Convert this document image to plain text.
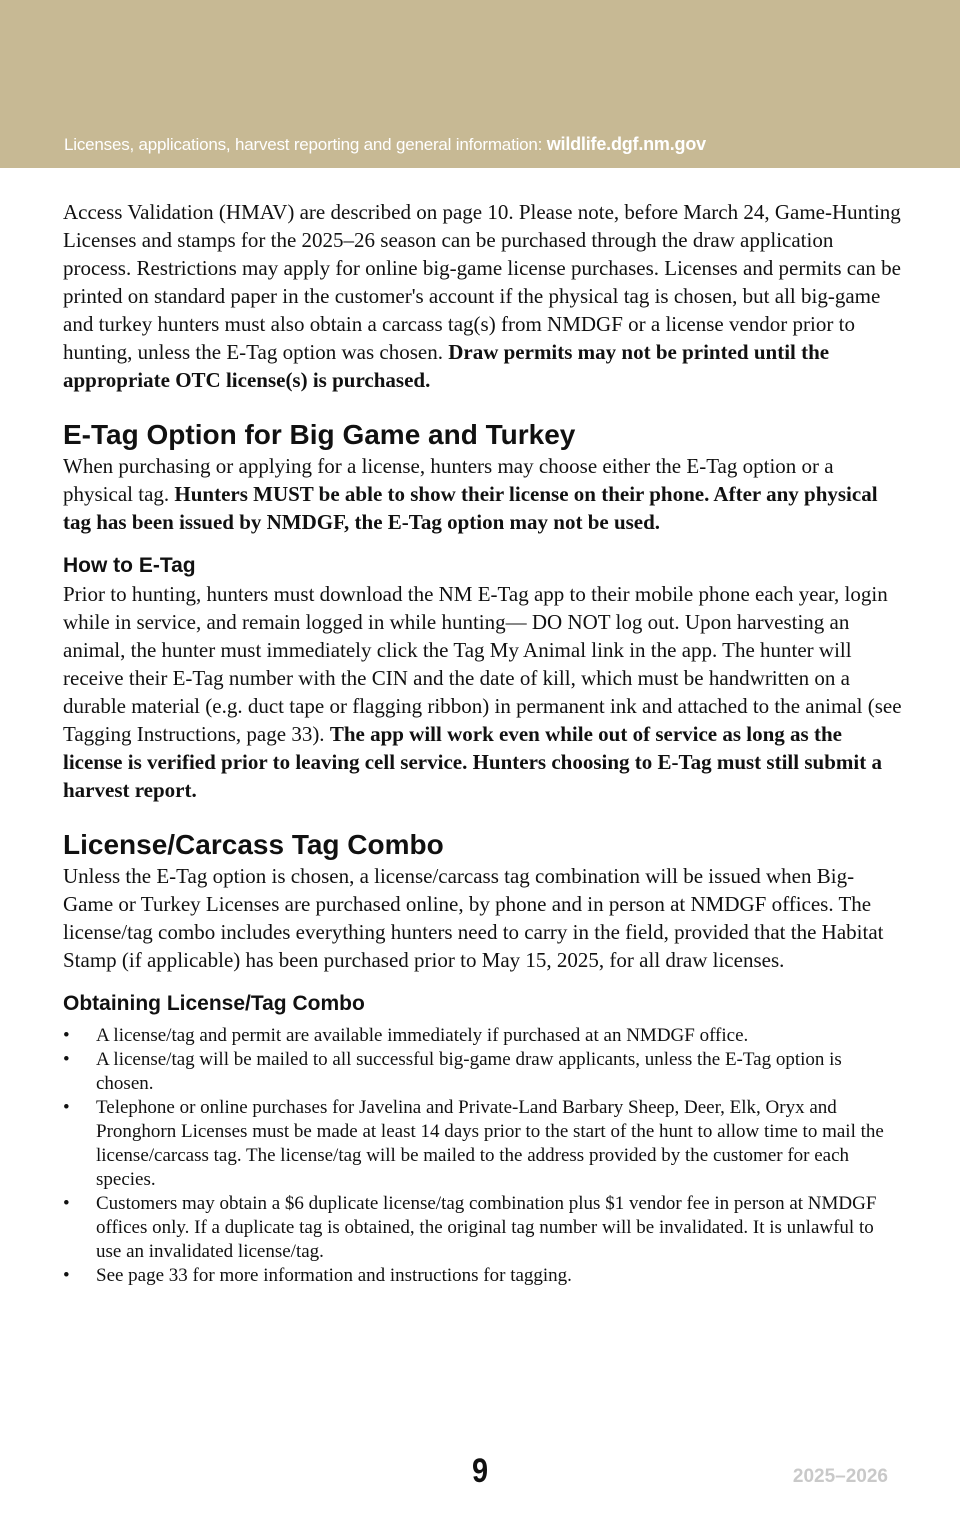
Licenses, applications, harvest reporting and general information: wildlife.dgf.nm.gov

Access Validation (HMAV) are described on page 10. Please note, before March 24, Game-Hunting Licenses and stamps for the 2025–26 season can be purchased through the draw application process. Restrictions may apply for online big-game license purchases. Licenses and permits can be printed on standard paper in the customer's account if the physical tag is chosen, but all big-game and turkey hunters must also obtain a carcass tag(s) from NMDGF or a license vendor prior to hunting, unless the E-Tag option was chosen. Draw permits may not be printed until the appropriate OTC license(s) is purchased.

E-Tag Option for Big Game and Turkey

When purchasing or applying for a license, hunters may choose either the E-Tag option or a physical tag. Hunters MUST be able to show their license on their phone. After any physical tag has been issued by NMDGF, the E-Tag option may not be used.

How to E-Tag

Prior to hunting, hunters must download the NM E-Tag app to their mobile phone each year, login while in service, and remain logged in while hunting— DO NOT log out. Upon harvesting an animal, the hunter must immediately click the Tag My Animal link in the app. The hunter will receive their E-Tag number with the CIN and the date of kill, which must be handwritten on a durable material (e.g. duct tape or flagging ribbon) in permanent ink and attached to the animal (see Tagging Instructions, page 33). The app will work even while out of service as long as the license is verified prior to leaving cell service. Hunters choosing to E-Tag must still submit a harvest report.

License/Carcass Tag Combo

Unless the E-Tag option is chosen, a license/carcass tag combination will be issued when Big-Game or Turkey Licenses are purchased online, by phone and in person at NMDGF offices. The license/tag combo includes everything hunters need to carry in the field, provided that the Habitat Stamp (if applicable) has been purchased prior to May 15, 2025, for all draw licenses.

Obtaining License/Tag Combo
• A license/tag and permit are available immediately if purchased at an NMDGF office.
• A license/tag will be mailed to all successful big-game draw applicants, unless the E-Tag option is chosen.
• Telephone or online purchases for Javelina and Private-Land Barbary Sheep, Deer, Elk, Oryx and Pronghorn Licenses must be made at least 14 days prior to the start of the hunt to allow time to mail the license/carcass tag. The license/tag will be mailed to the address provided by the customer for each species.
• Customers may obtain a $6 duplicate license/tag combination plus $1 vendor fee in person at NMDGF offices only. If a duplicate tag is obtained, the original tag number will be invalidated. It is unlawful to use an invalidated license/tag.
• See page 33 for more information and instructions for tagging.
9	2025–2026
